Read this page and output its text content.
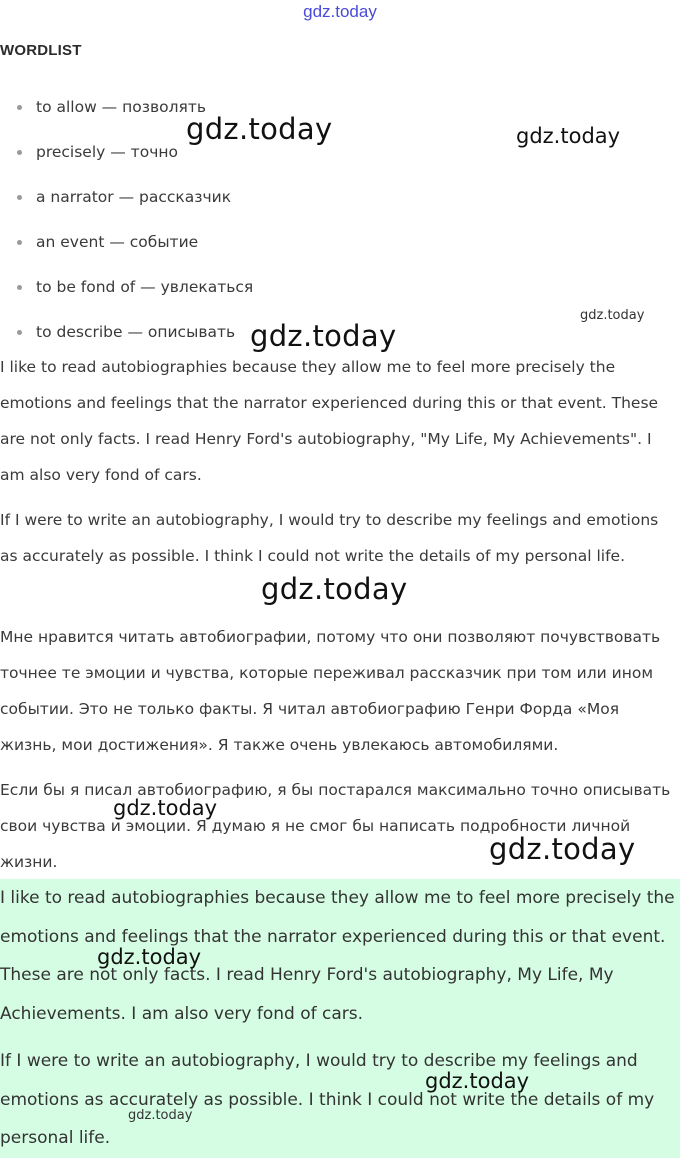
gdz.today
WORDLIST
to allow — позволять
precisely — точно
a narrator — рассказчик
an event — событие
to be fond of — увлекаться
to describe — описывать

I like to read autobiographies because they allow me to feel more precisely the emotions and feelings that the narrator experienced during this or that event. These are not only facts. I read Henry Ford's autobiography, "My Life, My Achievements". I am also very fond of cars.

If I were to write an autobiography, I would try to describe my feelings and emotions as accurately as possible. I think I could not write the details of my personal life.

Мне нравится читать автобиографии, потому что они позволяют почувствовать точнее те эмоции и чувства, которые переживал рассказчик при том или ином событии. Это не только факты. Я читал автобиографию Генри Форда «Моя жизнь, мои достижения». Я также очень увлекаюсь автомобилями.

Если бы я писал автобиографию, я бы постарался максимально точно описывать свои чувства и эмоции. Я думаю я не смог бы написать подробности личной жизни.

I like to read autobiographies because they allow me to feel more precisely the emotions and feelings that the narrator experienced during this or that event. These are not only facts. I read Henry Ford's autobiography, My Life, My Achievements. I am also very fond of cars.

If I were to write an autobiography, I would try to describe my feelings and emotions as accurately as possible. I think I could not write the details of my personal life.

gdz.today	gdz.today
gdz.today
gdz.today
gdz.today
gdz.today
gdz.today
gdz.today
gdz.today
gdz.today
